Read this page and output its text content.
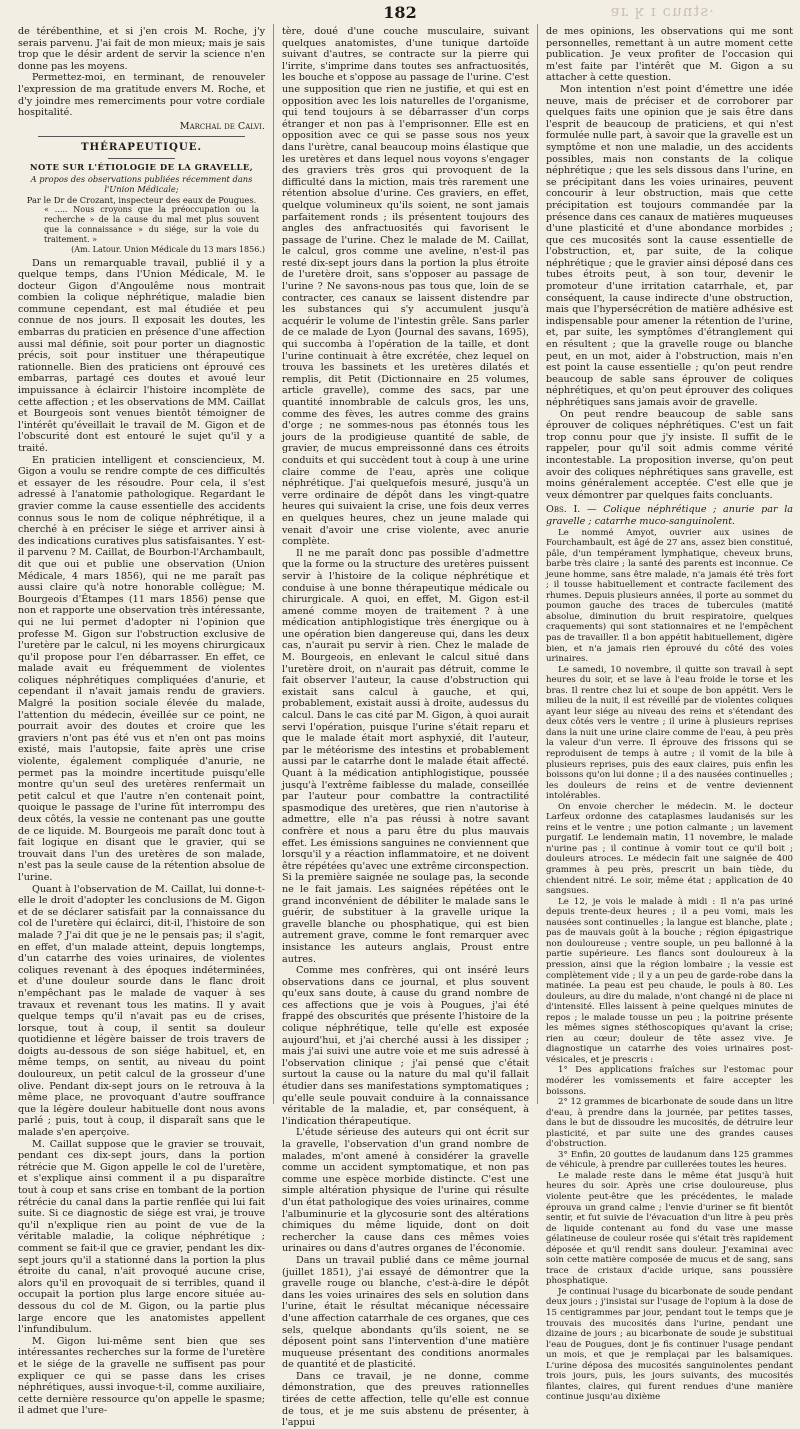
·stnuɔ ɪ ʞ ɹɐ
182

de térébenthine, et si j'en crois M. Roche, j'y serais parvenu. J'ai fait de mon mieux; mais je sais trop que le désir ardent de servir la science n'en donne pas les moyens.

Permettez-moi, en terminant, de renouveler l'expression de ma gratitude envers M. Roche, et d'y joindre mes remerciments pour votre cordiale hospitalité.

Marchal de Calvi.

THÉRAPEUTIQUE.

NOTE SUR L'ÉTIOLOGIE DE LA GRAVELLE,

A propos des observations publiées récemment dans l'Union Médicale;

Par le Dr de Crozant, inspecteur des eaux de Pougues.

« ..... Nous croyons que la préoccupation ou la recherche » de la cause du mal met plus souvent que la connaissance » du siége, sur la voie du traitement. »

(Am. Latour. Union Médicale du 13 mars 1856.)

Dans un remarquable travail, publié il y a quelque temps, dans l'Union Médicale, M. le docteur Gigon d'Angoulême nous montrait combien la colique néphrétique, maladie bien commune cependant, est mal étudiée et peu connue de nos jours. Il exposait les doutes, les embarras du praticien en présence d'une affection aussi mal définie, soit pour porter un diagnostic précis, soit pour instituer une thérapeutique rationnelle. Bien des praticiens ont éprouvé ces embarras, partagé ces doutes et avoué leur impuissance à éclaircir l'histoire incomplète de cette affection ; et les observations de MM. Caillat et Bourgeois sont venues bientôt témoigner de l'intérêt qu'éveillait le travail de M. Gigon et de l'obscurité dont est entouré le sujet qu'il y a traité.

En praticien intelligent et consciencieux, M. Gigon a voulu se rendre compte de ces difficultés et essayer de les résoudre. Pour cela, il s'est adressé à l'anatomie pathologique. Regardant le gravier comme la cause essentielle des accidents connus sous le nom de colique néphrétique, il a cherché à en préciser le siége et arriver ainsi à des indications curatives plus satisfaisantes. Y est-il parvenu ? M. Caillat, de Bourbon-l'Archambault, dit que oui et publie une observation (Union Médicale, 4 mars 1856), qui ne me paraît pas aussi claire qu'à notre honorable collègue; M. Bourgeois d'Étampes (11 mars 1856) pense que non et rapporte une observation très intéressante, qui ne lui permet d'adopter ni l'opinion que professe M. Gigon sur l'obstruction exclusive de l'uretère par le calcul, ni les moyens chirurgicaux qu'il propose pour l'en débarrasser. En effet, ce malade avait eu fréquemment de violentes coliques néphrétiques compliquées d'anurie, et cependant il n'avait jamais rendu de graviers. Malgré la position sociale élevée du malade, l'attention du médecin, éveillée sur ce point, ne pourrait avoir des doutes et croire que les graviers n'ont pas été vus et n'en ont pas moins existé, mais l'autopsie, faite après une crise violente, également compliquée d'anurie, ne permet pas la moindre incertitude puisqu'elle montre qu'un seul des uretères renfermait un petit calcul et que l'autre n'en contenait point, quoique le passage de l'urine fût interrompu des deux côtés, la vessie ne contenant pas une goutte de ce liquide. M. Bourgeois me paraît donc tout à fait logique en disant que le gravier, qui se trouvait dans l'un des uretères de son malade, n'est pas la seule cause de la rétention absolue de l'urine.

Quant à l'observation de M. Caillat, lui donne-t-elle le droit d'adopter les conclusions de M. Gigon et de se déclarer satisfait par la connaissance du col de l'uretère qui éclairci, dit-il, l'histoire de son malade ? J'ai dit que je ne le pensais pas; il s'agit, en effet, d'un malade atteint, depuis longtemps, d'un catarrhe des voies urinaires, de violentes coliques revenant à des époques indéterminées, et d'une douleur sourde dans le flanc droit n'empêchant pas le malade de vaquer à ses travaux et revenant tous les matins. Il y avait quelque temps qu'il n'avait pas eu de crises, lorsque, tout à coup, il sentit sa douleur quotidienne et légère baisser de trois travers de doigts au-dessous de son siége habituel, et, en même temps, on sentit, au niveau du point douloureux, un petit calcul de la grosseur d'une olive. Pendant dix-sept jours on le retrouva à la même place, ne provoquant d'autre souffrance que la légère douleur habituelle dont nous avons parlé ; puis, tout à coup, il disparaît sans que le malade s'en aperçoive.

M. Caillat suppose que le gravier se trouvait, pendant ces dix-sept jours, dans la portion rétrécie que M. Gigon appelle le col de l'uretère, et s'explique ainsi comment il a pu disparaître tout à coup et sans crise en tombant de la portion rétrécie du canal dans la partie renflée qui lui fait suite. Si ce diagnostic de siége est vrai, je trouve qu'il n'explique rien au point de vue de la véritable maladie, la colique néphrétique ; comment se fait-il que ce gravier, pendant les dix-sept jours qu'il a stationné dans la portion la plus étroite du canal, n'ait provoqué aucune crise, alors qu'il en provoquait de si terribles, quand il occupait la portion plus large encore située au-dessous du col de M. Gigon, ou la partie plus large encore que les anatomistes appellent l'infundibulum.

M. Gigon lui-même sent bien que ses intéressantes recherches sur la forme de l'uretère et le siége de la gravelle ne suffisent pas pour expliquer ce qui se passe dans les crises néphrétiques, aussi invoque-t-il, comme auxiliaire, cette dernière ressource qu'on appelle le spasme; il admet que l'ure-

tère, doué d'une couche musculaire, suivant quelques anatomistes, d'une tunique dartoïde suivant d'autres, se contracte sur la pierre qui l'irrite, s'imprime dans toutes ses anfractuosités, les bouche et s'oppose au passage de l'urine. C'est une supposition que rien ne justifie, et qui est en opposition avec les lois naturelles de l'organisme, qui tend toujours à se débarrasser d'un corps étranger et non pas à l'emprisonner. Elle est en opposition avec ce qui se passe sous nos yeux dans l'urètre, canal beaucoup moins élastique que les uretères et dans lequel nous voyons s'engager des graviers très gros qui provoquent de la difficulté dans la miction, mais très rarement une rétention absolue d'urine. Ces graviers, en effet, quelque volumineux qu'ils soient, ne sont jamais parfaitement ronds ; ils présentent toujours des angles des anfractuosités qui favorisent le passage de l'urine. Chez le malade de M. Caillat, le calcul, gros comme une aveline, n'est-il pas resté dix-sept jours dans la portion la plus étroite de l'uretère droit, sans s'opposer au passage de l'urine ? Ne savons-nous pas tous que, loin de se contracter, ces canaux se laissent distendre par les substances qui s'y accumulent jusqu'à acquérir le volume de l'intestin grêle. Sans parler de ce malade de Lyon (Journal des savans, 1695), qui succomba à l'opération de la taille, et dont l'urine continuait à être excrétée, chez lequel on trouva les bassinets et les uretères dilatés et remplis, dit Petit (Dictionnaire en 25 volumes, article gravelle), comme des sacs, par une quantité innombrable de calculs gros, les uns, comme des fèves, les autres comme des grains d'orge ; ne sommes-nous pas étonnés tous les jours de la prodigieuse quantité de sable, de gravier, de mucus empreissonné dans ces étroits conduits et qui succèdent tout à coup à une urine claire comme de l'eau, après une colique néphrétique. J'ai quelquefois mesuré, jusqu'à un verre ordinaire de dépôt dans les vingt-quatre heures qui suivaient la crise, une fois deux verres en quelques heures, chez un jeune malade qui venait d'avoir une crise violente, avec anurie complète.

Il ne me paraît donc pas possible d'admettre que la forme ou la structure des uretères puissent servir à l'histoire de la colique néphrétique et conduise à une bonne thérapeutique médicale ou chirurgicale. A quoi, en effet, M. Gigon est-il amené comme moyen de traitement ? à une médication antiphlogistique très énergique ou à une opération bien dangereuse qui, dans les deux cas, n'aurait pu servir à rien. Chez le malade de M. Bourgeois, en enlevant le calcul situé dans l'uretère droit, on n'aurait pas détruit, comme le fait observer l'auteur, la cause d'obstruction qui existait sans calcul à gauche, et qui, probablement, existait aussi à droite, audessus du calcul. Dans le cas cité par M. Gigon, à quoi aurait servi l'opération, puisque l'urine s'était reparu et que le malade était mort asphyxié, dit l'auteur, par le météorisme des intestins et probablement aussi par le catarrhe dont le malade était affecté. Quant à la médication antiphlogistique, poussée jusqu'à l'extrême faiblesse du malade, conseillée par l'auteur pour combattre la contractilité spasmodique des uretères, que rien n'autorise à admettre, elle n'a pas réussi à notre savant confrère et nous a paru être du plus mauvais effet. Les émissions sanguines ne conviennent que lorsqu'il y a réaction inflammatoire, et ne doivent être répétées qu'avec une extrême circonspection. Si la première saignée ne soulage pas, la seconde ne le fait jamais. Les saignées répétées ont le grand inconvénient de débiliter le malade sans le guérir, de substituer à la gravelle urique la gravelle blanche ou phosphatique, qui est bien autrement grave, comme le font remarquer avec insistance les auteurs anglais, Proust entre autres.

Comme mes confrères, qui ont inséré leurs observations dans ce journal, et plus souvent qu'eux sans doute, à cause du grand nombre de ces affections que je vois à Pougues, j'ai été frappé des obscurités que présente l'histoire de la colique néphrétique, telle qu'elle est exposée aujourd'hui, et j'ai cherché aussi à les dissiper ; mais j'ai suivi une autre voie et me suis adressé à l'observation clinique ; j'ai pensé que c'était surtout la cause ou la nature du mal qu'il fallait étudier dans ses manifestations symptomatiques ; qu'elle seule pouvait conduire à la connaissance véritable de la maladie, et, par conséquent, à l'indication thérapeutique.

L'étude sérieuse des auteurs qui ont écrit sur la gravelle, l'observation d'un grand nombre de malades, m'ont amené à considérer la gravelle comme un accident symptomatique, et non pas comme une espèce morbide distincte. C'est une simple altération physique de l'urine qui résulte d'un état pathologique des voies urinaires, comme l'albuminurie et la glycosurie sont des altérations chimiques du même liquide, dont on doit rechercher la cause dans ces mêmes voies urinaires ou dans d'autres organes de l'économie.

Dans un travail publié dans ce même journal (juillet 1851), j'ai essayé de démontrer que la gravelle rouge ou blanche, c'est-à-dire le dépôt dans les voies urinaires des sels en solution dans l'urine, était le résultat mécanique nécessaire d'une affection catarrhale de ces organes, que ces sels, quelque abondants qu'ils soient, ne se déposent point sans l'intervention d'une matière muqueuse présentant des conditions anormales de quantité et de plasticité.

Dans ce travail, je ne donne, comme démonstration, que des preuves rationnelles tirées de cette affection, telle qu'elle est connue de tous, et je me suis abstenu de présenter, à l'appui

de mes opinions, les observations qui me sont personnelles, remettant à un autre moment cette publication. Je veux profiter de l'occasion qui m'est faite par l'intérêt que M. Gigon a su attacher à cette question.

Mon intention n'est point d'émettre une idée neuve, mais de préciser et de corroborer par quelques faits une opinion que je sais être dans l'esprit de beaucoup de praticiens, et qui n'est formulée nulle part, à savoir que la gravelle est un symptôme et non une maladie, un des accidents possibles, mais non constants de la colique néphrétique ; que les sels dissous dans l'urine, en se précipitant dans les voies urinaires, peuvent concourir à leur obstruction, mais que cette précipitation est toujours commandée par la présence dans ces canaux de matières muqueuses d'une plasticité et d'une abondance morbides ; que ces mucosités sont la cause essentielle de l'obstruction, et, par suite, de la colique néphrétique ; que le gravier ainsi déposé dans ces tubes étroits peut, à son tour, devenir le promoteur d'une irritation catarrhale, et, par conséquent, la cause indirecte d'une obstruction, mais que l'hypersécrétion de matière adhésive est indispensable pour amener la rétention de l'urine, et, par suite, les symptômes d'étranglement qui en résultent ; que la gravelle rouge ou blanche peut, en un mot, aider à l'obstruction, mais n'en est point la cause essentielle ; qu'on peut rendre beaucoup de sable sans éprouver de coliques néphrétiques, et qu'on peut éprouver des coliques néphrétiques sans jamais avoir de gravelle.

On peut rendre beaucoup de sable sans éprouver de coliques néphrétiques. C'est un fait trop connu pour que j'y insiste. Il suffit de le rappeler, pour qu'il soit admis comme vérité incontestable. La proposition inverse, qu'on peut avoir des coliques néphrétiques sans gravelle, est moins généralement acceptée. C'est elle que je veux démontrer par quelques faits concluants.

Obs. I. — Colique néphrétique ; anurie par la gravelle ; catarrhe muco-sanguinolent.

Le nommé Amyot, ouvrier aux usines de Fourchambault, est âgé de 27 ans, assez bien constitué, pâle, d'un tempérament lymphatique, cheveux bruns, barbe très claire ; la santé des parents est inconnue. Ce jeune homme, sans être malade, n'a jamais été très fort ; il tousse habituellement et contracte facilement des rhumes. Depuis plusieurs années, il porte au sommet du poumon gauche des traces de tubercules (matité absolue, diminution du bruit respiratoire, quelques craquements) qui sont stationnaires et ne l'empêchent pas de travailler. Il a bon appétit habituellement, digère bien, et n'a jamais rien éprouvé du côté des voies urinaires.

Le samedi, 10 novembre, il quitte son travail à sept heures du soir, et se lave à l'eau froide le torse et les bras. Il rentre chez lui et soupe de bon appétit. Vers le milieu de la nuit, il est réveillé par de violentes coliques ayant leur siége au niveau des reins et s'étendant des deux côtés vers le ventre ; il urine à plusieurs reprises dans la nuit une urine claire comme de l'eau, à peu près la valeur d'un verre. Il éprouve des frissons qui se reproduisent de temps à autre ; il vomit de la bile à plusieurs reprises, puis des eaux claires, puis enfin les boissons qu'on lui donne ; il a des nausées continuelles ; les douleurs de reins et de ventre deviennent intolérables.

On envoie chercher le médecin. M. le docteur Larfeux ordonne des cataplasmes laudanisés sur les reins et le ventre ; une potion calmante ; un lavement purgatif. Le lendemain matin, 11 novembre, le malade n'urine pas ; il continue à vomir tout ce qu'il boit ; douleurs atroces. Le médecin fait une saignée de 400 grammes à peu près, prescrit un bain tiède, du chiendent nitré. Le soir, même état ; application de 40 sangsues.

Le 12, je vois le malade à midi : Il n'a pas uriné depuis trente-deux heures ; il a peu vomi, mais les nausées sont continuelles ; la langue est blanche, plate ; pas de mauvais goût à la bouche ; région épigastrique non douloureuse ; ventre souple, un peu ballonné à la partie supérieure. Les flancs sont douloureux à la pression, ainsi que la région lombaire ; la vessie est complètement vide ; il y a un peu de garde-robe dans la matinée. La peau est peu chaude, le pouls à 80. Les douleurs, au dire du malade, n'ont changé ni de place ni d'intensité. Elles laissent à peine quelques minutes de repos ; le malade tousse un peu ; la poitrine présente les mêmes signes stéthoscopiques qu'avant la crise; rien au cœur; douleur de tête assez vive. Je diagnostique un catarrhe des voies urinaires post-vésicales, et je prescris :

1° Des applications fraîches sur l'estomac pour modérer les vomissements et faire accepter les boissons.

2° 12 grammes de bicarbonate de soude dans un litre d'eau, à prendre dans la journée, par petites tasses, dans le but de dissoudre les mucosités, de détruire leur plasticité, et par suite une des grandes causes d'obstruction.

3° Enfin, 20 gouttes de laudanum dans 125 grammes de véhicule, à prendre par cuillerées toutes les heures.

Le malade reste dans le même état jusqu'à huit heures du soir. Après une crise douloureuse, plus violente peut-être que les précédentes, le malade éprouva un grand calme ; l'envie d'uriner se fit bientôt sentir, et fut suivie de l'évacuation d'un litre à peu près de liquide contenant au fond du vase une masse gélatineuse de couleur rosée qui s'était très rapidement déposée et qu'il rendit sans douleur. J'examinai avec soin cette matière composée de mucus et de sang, sans trace de cristaux d'acide urique, sans poussière phosphatique.

Je continuai l'usage du bicarbonate de soude pendant deux jours ; j'insistai sur l'usage de l'opium à la dose de 15 centigrammes par jour, pendant tout le temps que je trouvais des mucosités dans l'urine, pendant une dizaine de jours ; au bicarbonate de soude je substituai l'eau de Pougues, dont je fis continuer l'usage pendant un mois, et que je remplaçai par les balsamiques. L'urine déposa des mucosités sanguinolentes pendant trois jours, puis, les jours suivants, des mucosités filantes, claires, qui furent rendues d'une manière continue jusqu'au dixième
